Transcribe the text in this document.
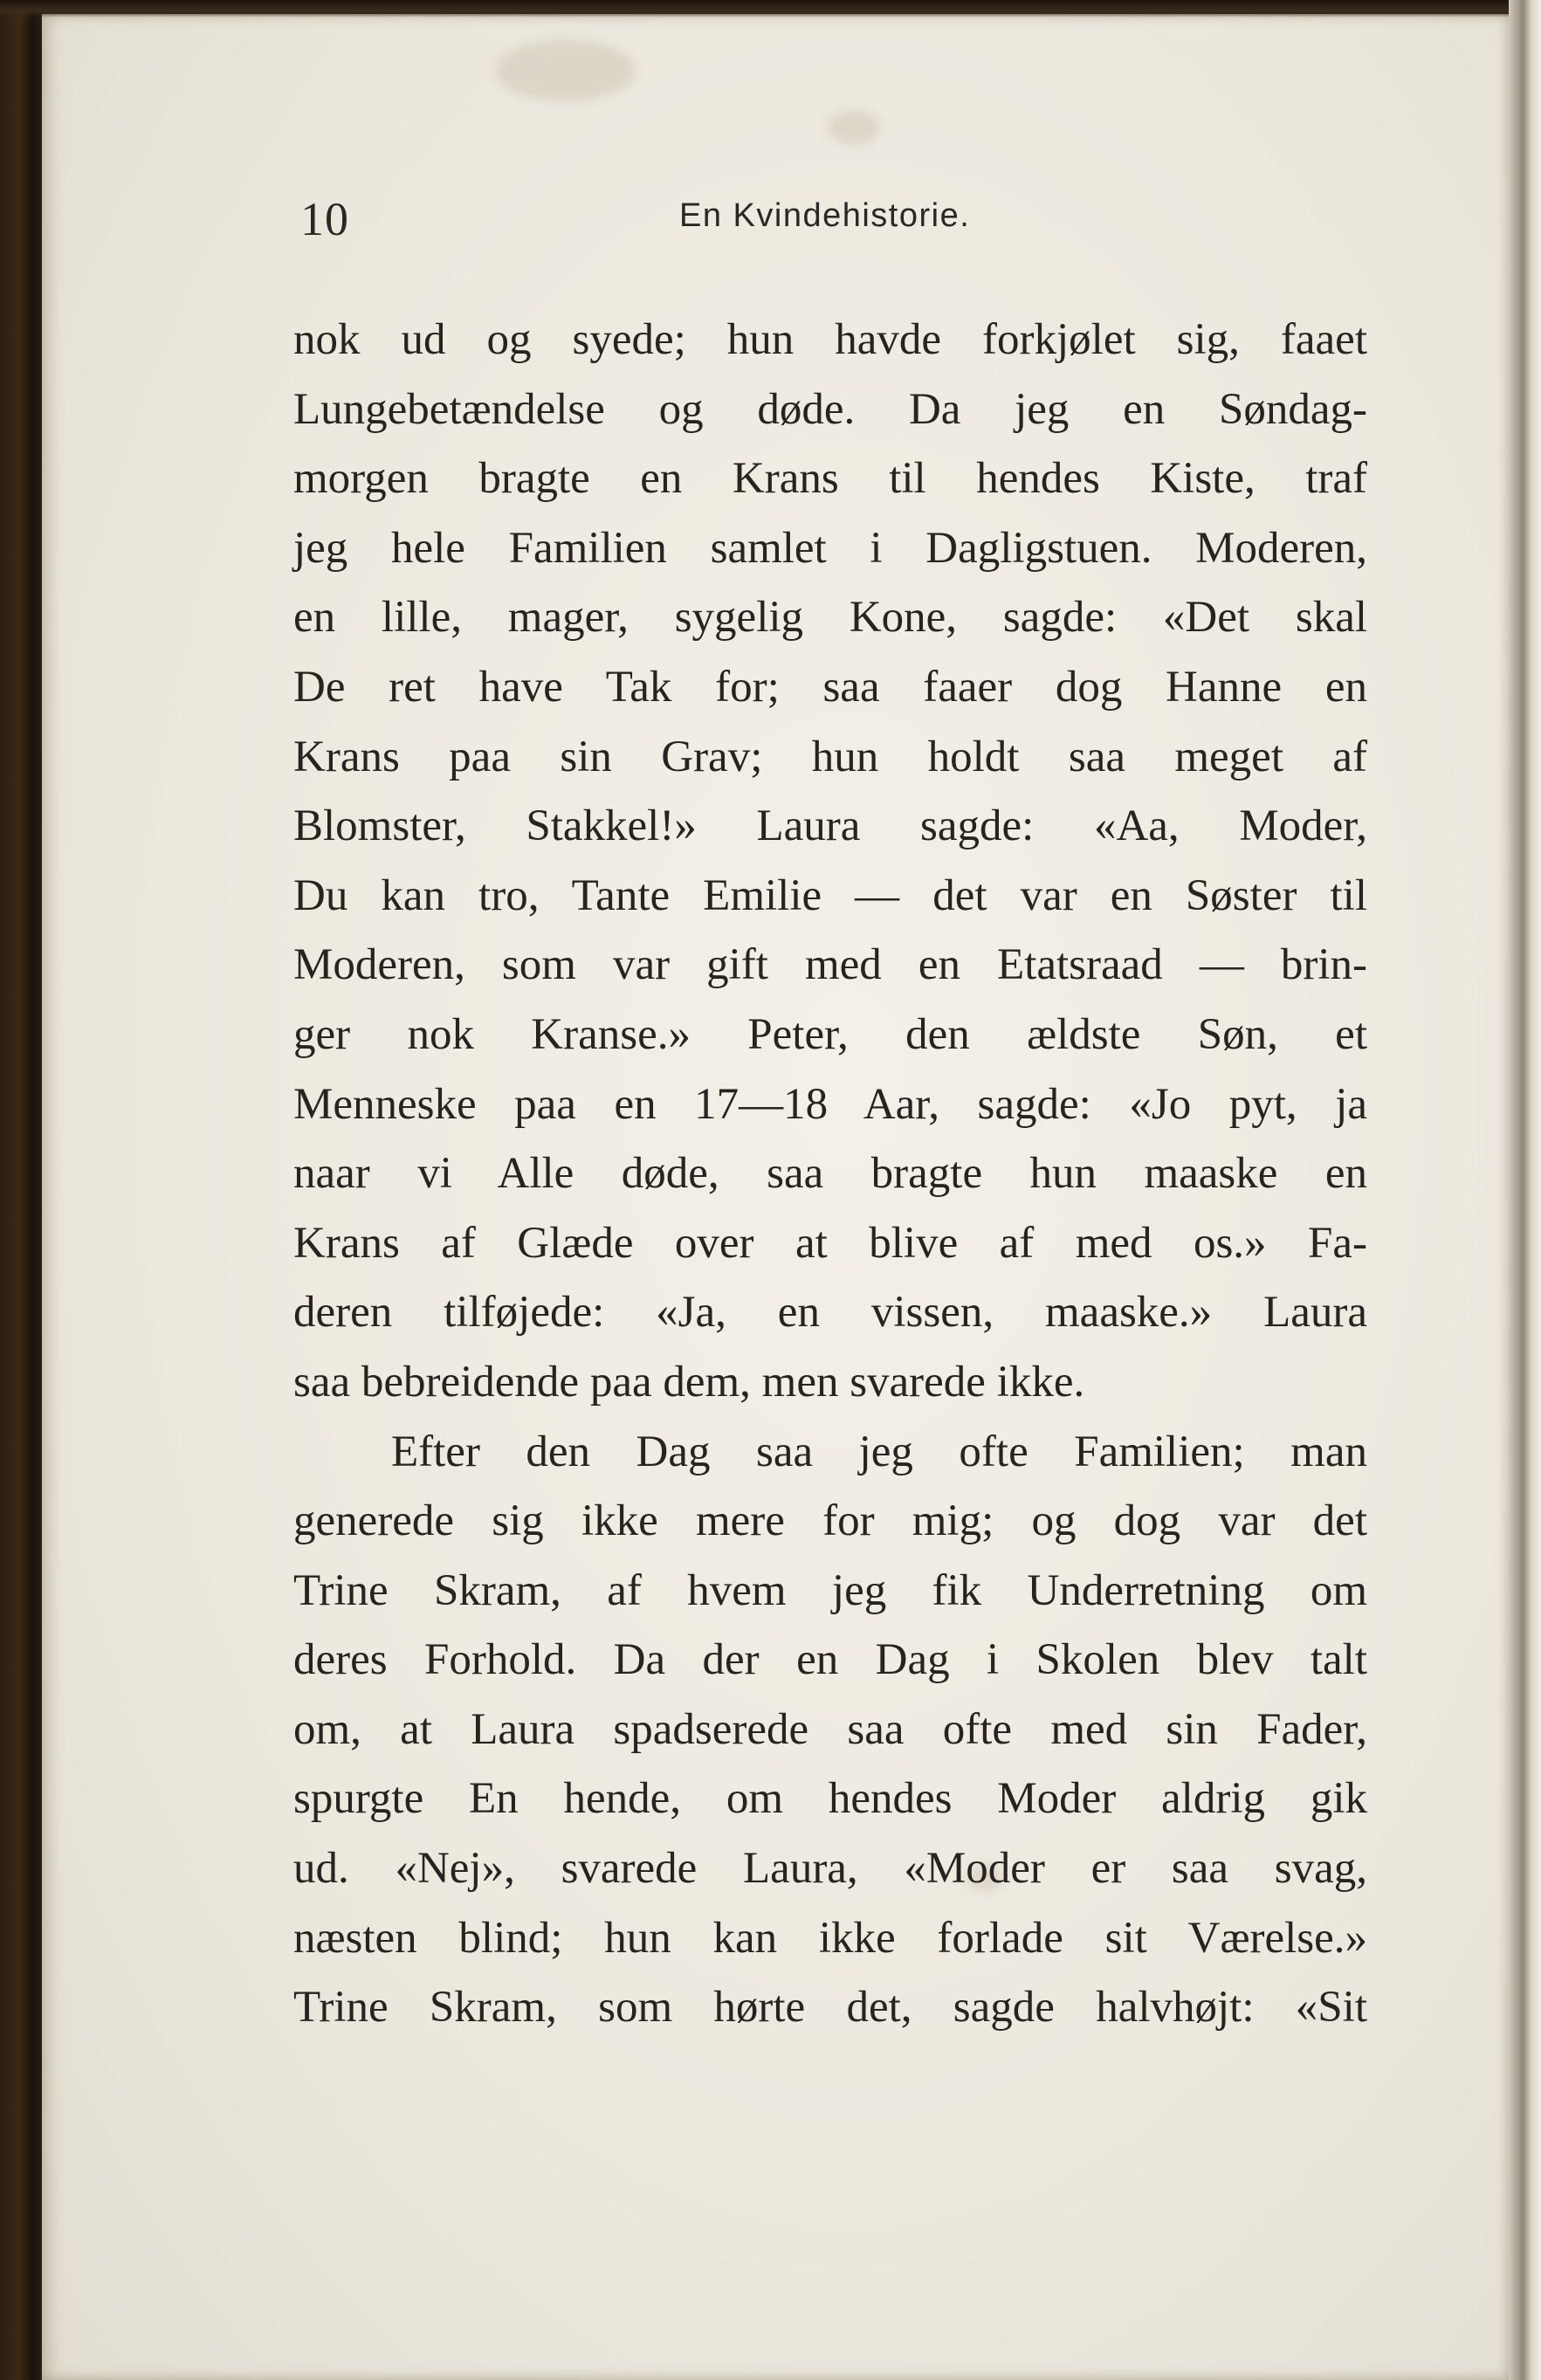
10	En Kvindehistorie.
nok ud og syede; hun havde forkjølet sig, faaet
Lungebetændelse og døde. Da jeg en Søndag-
morgen bragte en Krans til hendes Kiste, traf
jeg hele Familien samlet i Dagligstuen. Moderen,
en lille, mager, sygelig Kone, sagde: «Det skal
De ret have Tak for; saa faaer dog Hanne en
Krans paa sin Grav; hun holdt saa meget af
Blomster, Stakkel!» Laura sagde: «Aa, Moder,
Du kan tro, Tante Emilie — det var en Søster til
Moderen, som var gift med en Etatsraad — brin-
ger nok Kranse.» Peter, den ældste Søn, et
Menneske paa en 17—18 Aar, sagde: «Jo pyt, ja
naar vi Alle døde, saa bragte hun maaske en
Krans af Glæde over at blive af med os.» Fa-
deren tilføjede: «Ja, en vissen, maaske.» Laura
saa bebreidende paa dem, men svarede ikke.
Efter den Dag saa jeg ofte Familien; man
generede sig ikke mere for mig; og dog var det
Trine Skram, af hvem jeg fik Underretning om
deres Forhold. Da der en Dag i Skolen blev talt
om, at Laura spadserede saa ofte med sin Fader,
spurgte En hende, om hendes Moder aldrig gik
ud. «Nej», svarede Laura, «Moder er saa svag,
næsten blind; hun kan ikke forlade sit Værelse.»
Trine Skram, som hørte det, sagde halvhøjt: «Sit
